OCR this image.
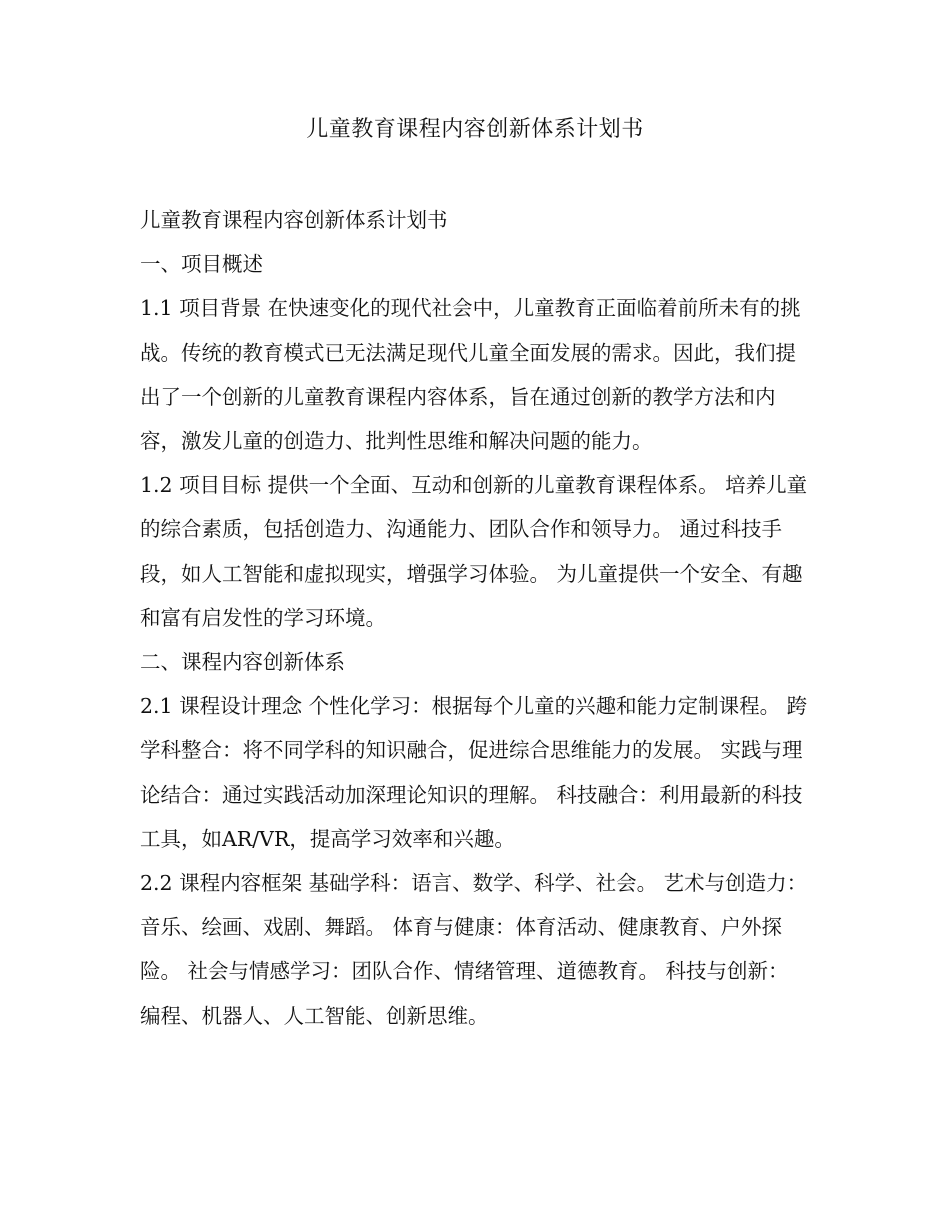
儿童教育课程内容创新体系计划书

儿童教育课程内容创新体系计划书

一、项目概述

1.1 项目背景 在快速变化的现代社会中，儿童教育正面临着前所未有的挑战。传统的教育模式已无法满足现代儿童全面发展的需求。因此，我们提出了一个创新的儿童教育课程内容体系，旨在通过创新的教学方法和内容，激发儿童的创造力、批判性思维和解决问题的能力。

1.2 项目目标 提供一个全面、互动和创新的儿童教育课程体系。 培养儿童的综合素质，包括创造力、沟通能力、团队合作和领导力。 通过科技手段，如人工智能和虚拟现实，增强学习体验。 为儿童提供一个安全、有趣和富有启发性的学习环境。

二、课程内容创新体系

2.1 课程设计理念 个性化学习：根据每个儿童的兴趣和能力定制课程。 跨学科整合：将不同学科的知识融合，促进综合思维能力的发展。 实践与理论结合：通过实践活动加深理论知识的理解。 科技融合：利用最新的科技工具，如AR/VR，提高学习效率和兴趣。

2.2 课程内容框架 基础学科：语言、数学、科学、社会。 艺术与创造力：音乐、绘画、戏剧、舞蹈。 体育与健康：体育活动、健康教育、户外探险。 社会与情感学习：团队合作、情绪管理、道德教育。 科技与创新：编程、机器人、人工智能、创新思维。
